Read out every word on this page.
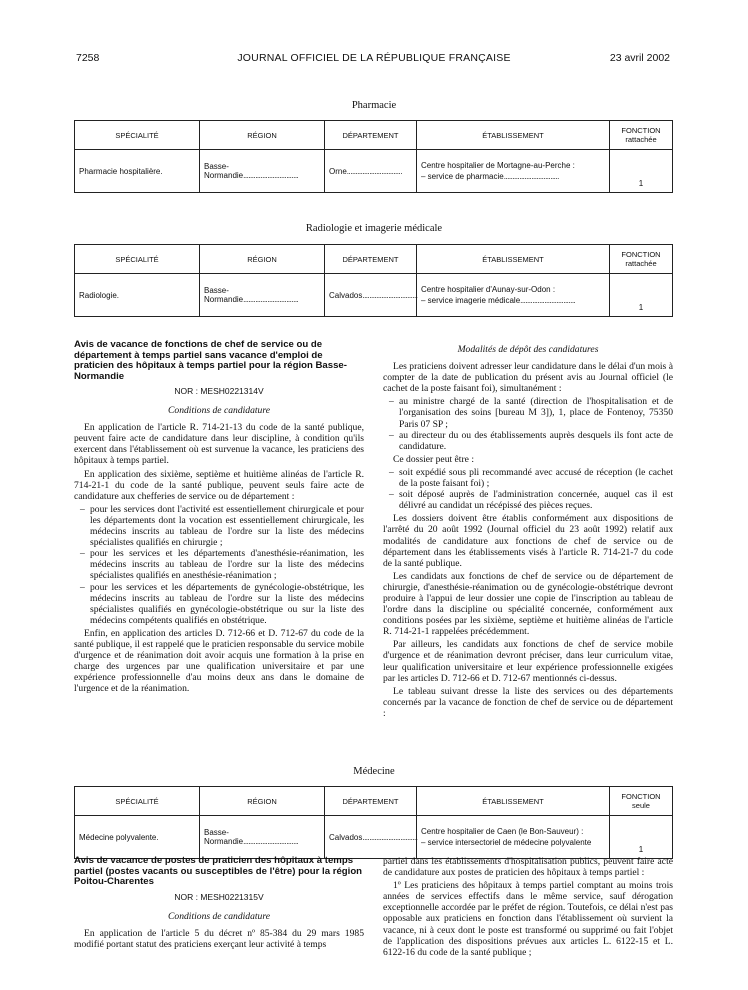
7258	JOURNAL OFFICIEL DE LA RÉPUBLIQUE FRANÇAISE	23 avril 2002
Pharmacie
SPÉCIALITÉ	RÉGION	DÉPARTEMENT	ÉTABLISSEMENT	FONCTION
rattachée
Pharmacie hospitalière.	Basse-Normandie .....	Orne .....	Centre hospitalier de Mortagne-au-Perche :
– service de pharmacie .....	1
Radiologie et imagerie médicale
SPÉCIALITÉ	RÉGION	DÉPARTEMENT	ÉTABLISSEMENT	FONCTION
rattachée
Radiologie.	Basse-Normandie .....	Calvados .....	Centre hospitalier d'Aunay-sur-Odon :
– service imagerie médicale .....	1

Avis de vacance de fonctions de chef de service ou de département à temps partiel sans vacance d'emploi de praticien des hôpitaux à temps partiel pour la région Basse-Normandie

NOR : MESH0221314V

Conditions de candidature

En application de l'article R. 714-21-13 du code de la santé publique, peuvent faire acte de candidature dans leur discipline, à condition qu'ils exercent dans l'établissement où est survenue la vacance, les praticiens des hôpitaux à temps partiel.

En application des sixième, septième et huitième alinéas de l'article R. 714-21-1 du code de la santé publique, peuvent seuls faire acte de candidature aux chefferies de service ou de département :

– pour les services dont l'activité est essentiellement chirurgicale et pour les départements dont la vocation est essentiellement chirurgicale, les médecins inscrits au tableau de l'ordre sur la liste des médecins spécialistes qualifiés en chirurgie ;
– pour les services et les départements d'anesthésie-réanimation, les médecins inscrits au tableau de l'ordre sur la liste des médecins spécialistes qualifiés en anesthésie-réanimation ;
– pour les services et les départements de gynécologie-obstétrique, les médecins inscrits au tableau de l'ordre sur la liste des médecins spécialistes qualifiés en gynécologie-obstétrique ou sur la liste des médecins compétents qualifiés en obstétrique.

Enfin, en application des articles D. 712-66 et D. 712-67 du code de la santé publique, il est rappelé que le praticien responsable du service mobile d'urgence et de réanimation doit avoir acquis une formation à la prise en charge des urgences par une qualification universitaire et par une expérience professionnelle d'au moins deux ans dans le domaine de l'urgence et de la réanimation.

Modalités de dépôt des candidatures

Les praticiens doivent adresser leur candidature dans le délai d'un mois à compter de la date de publication du présent avis au Journal officiel (le cachet de la poste faisant foi), simultanément :

– au ministre chargé de la santé (direction de l'hospitalisation et de l'organisation des soins [bureau M 3]), 1, place de Fontenoy, 75350 Paris 07 SP ;
– au directeur du ou des établissements auprès desquels ils font acte de candidature.

Ce dossier peut être :

– soit expédié sous pli recommandé avec accusé de réception (le cachet de la poste faisant foi) ;
– soit déposé auprès de l'administration concernée, auquel cas il est délivré au candidat un récépissé des pièces reçues.

Les dossiers doivent être établis conformément aux dispositions de l'arrêté du 20 août 1992 (Journal officiel du 23 août 1992) relatif aux modalités de candidature aux fonctions de chef de service ou de département dans les établissements visés à l'article R. 714-21-7 du code de la santé publique.

Les candidats aux fonctions de chef de service ou de département de chirurgie, d'anesthésie-réanimation ou de gynécologie-obstétrique devront produire à l'appui de leur dossier une copie de l'inscription au tableau de l'ordre dans la discipline ou spécialité concernée, conformément aux conditions posées par les sixième, septième et huitième alinéas de l'article R. 714-21-1 rappelées précédemment.

Par ailleurs, les candidats aux fonctions de chef de service mobile d'urgence et de réanimation devront préciser, dans leur curriculum vitae, leur qualification universitaire et leur expérience professionnelle exigées par les articles D. 712-66 et D. 712-67 mentionnés ci-dessus.

Le tableau suivant dresse la liste des services ou des départements concernés par la vacance de fonction de chef de service ou de département :

Médecine
SPÉCIALITÉ	RÉGION	DÉPARTEMENT	ÉTABLISSEMENT	FONCTION
seule
Médecine polyvalente.	Basse-Normandie .....	Calvados .....	Centre hospitalier de Caen (le Bon-Sauveur) :
– service intersectoriel de médecine polyvalente	1

Avis de vacance de postes de praticien des hôpitaux à temps partiel (postes vacants ou susceptibles de l'être) pour la région Poitou-Charentes

NOR : MESH0221315V

Conditions de candidature

En application de l'article 5 du décret nº 85-384 du 29 mars 1985 modifié portant statut des praticiens exerçant leur activité à temps

partiel dans les établissements d'hospitalisation publics, peuvent faire acte de candidature aux postes de praticien des hôpitaux à temps partiel :

1º Les praticiens des hôpitaux à temps partiel comptant au moins trois années de services effectifs dans le même service, sauf dérogation exceptionnelle accordée par le préfet de région. Toutefois, ce délai n'est pas opposable aux praticiens en fonction dans l'établissement où survient la vacance, ni à ceux dont le poste est transformé ou supprimé ou fait l'objet de l'application des dispositions prévues aux articles L. 6122-15 et L. 6122-16 du code de la santé publique ;
